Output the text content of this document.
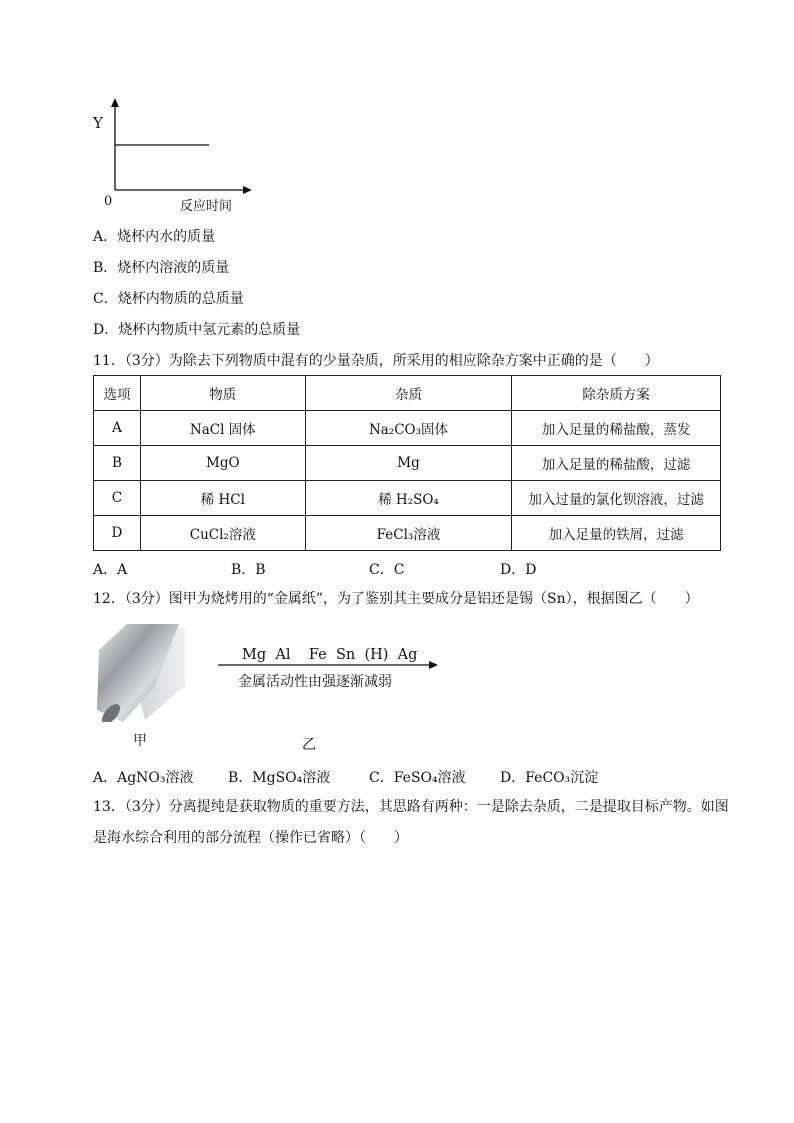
Y
0	反应时间
A．烧杯内水的质量
B．烧杯内溶液的质量
C．烧杯内物质的总质量
D．烧杯内物质中氢元素的总质量
11．（3分）为除去下列物质中混有的少量杂质，所采用的相应除杂方案中正确的是（　　）
选项	物质	杂质	除杂质方案
A	NaCl 固体	Na₂CO₃固体	加入足量的稀盐酸，蒸发
B	MgO	Mg	加入足量的稀盐酸，过滤
C	稀 HCl	稀 H₂SO₄	加入过量的氯化钡溶液，过滤
D	CuCl₂溶液	FeCl₃溶液	加入足量的铁屑，过滤
A．A	B．B	C．C	D．D
12．（3分）图甲为烧烤用的“金属纸”，为了鉴别其主要成分是铝还是锡（Sn），根据图乙（　　）
甲
Mg  Al    Fe  Sn  (H)  Ag
金属活动性由强逐渐减弱
乙
A．AgNO₃溶液 B．MgSO₄溶液	C．FeSO₄溶液 D．FeCO₃沉淀
13．（3分）分离提纯是获取物质的重要方法，其思路有两种：一是除去杂质，二是提取目标产物。如图
是海水综合利用的部分流程（操作已省略）（　　）
